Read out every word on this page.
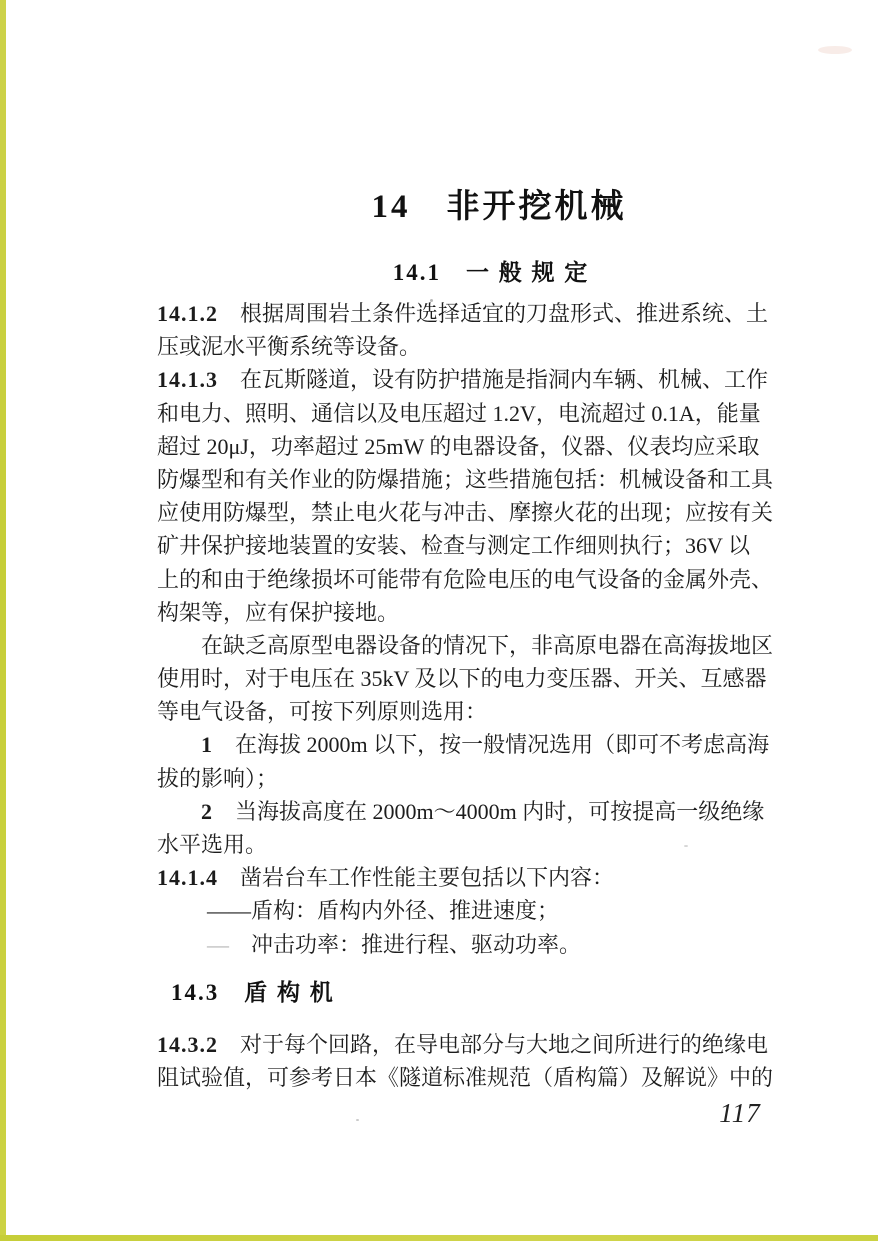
14　非开挖机械
14.1　一 般 规 定
14.1.2　根据周围岩土条件选择适宜的刀盘形式、推进系统、土
压或泥水平衡系统等设备。
14.1.3　在瓦斯隧道，设有防护措施是指洞内车辆、机械、工作
和电力、照明、通信以及电压超过 1.2V，电流超过 0.1A，能量
超过 20μJ，功率超过 25mW 的电器设备，仪器、仪表均应采取
防爆型和有关作业的防爆措施；这些措施包括：机械设备和工具
应使用防爆型，禁止电火花与冲击、摩擦火花的出现；应按有关
矿井保护接地装置的安装、检查与测定工作细则执行；36V 以
上的和由于绝缘损坏可能带有危险电压的电气设备的金属外壳、
构架等，应有保护接地。
在缺乏高原型电器设备的情况下，非高原电器在高海拔地区
使用时，对于电压在 35kV 及以下的电力变压器、开关、互感器
等电气设备，可按下列原则选用：
1　在海拔 2000m 以下，按一般情况选用（即可不考虑高海
拔的影响）；
2　当海拔高度在 2000m～4000m 内时，可按提高一级绝缘
水平选用。
14.1.4　凿岩台车工作性能主要包括以下内容：
——盾构：盾构内外径、推进速度；
—　冲击功率：推进行程、驱动功率。
14.3　盾 构 机
14.3.2　对于每个回路，在导电部分与大地之间所进行的绝缘电
阻试验值，可参考日本《隧道标准规范（盾构篇）及解说》中的
117
